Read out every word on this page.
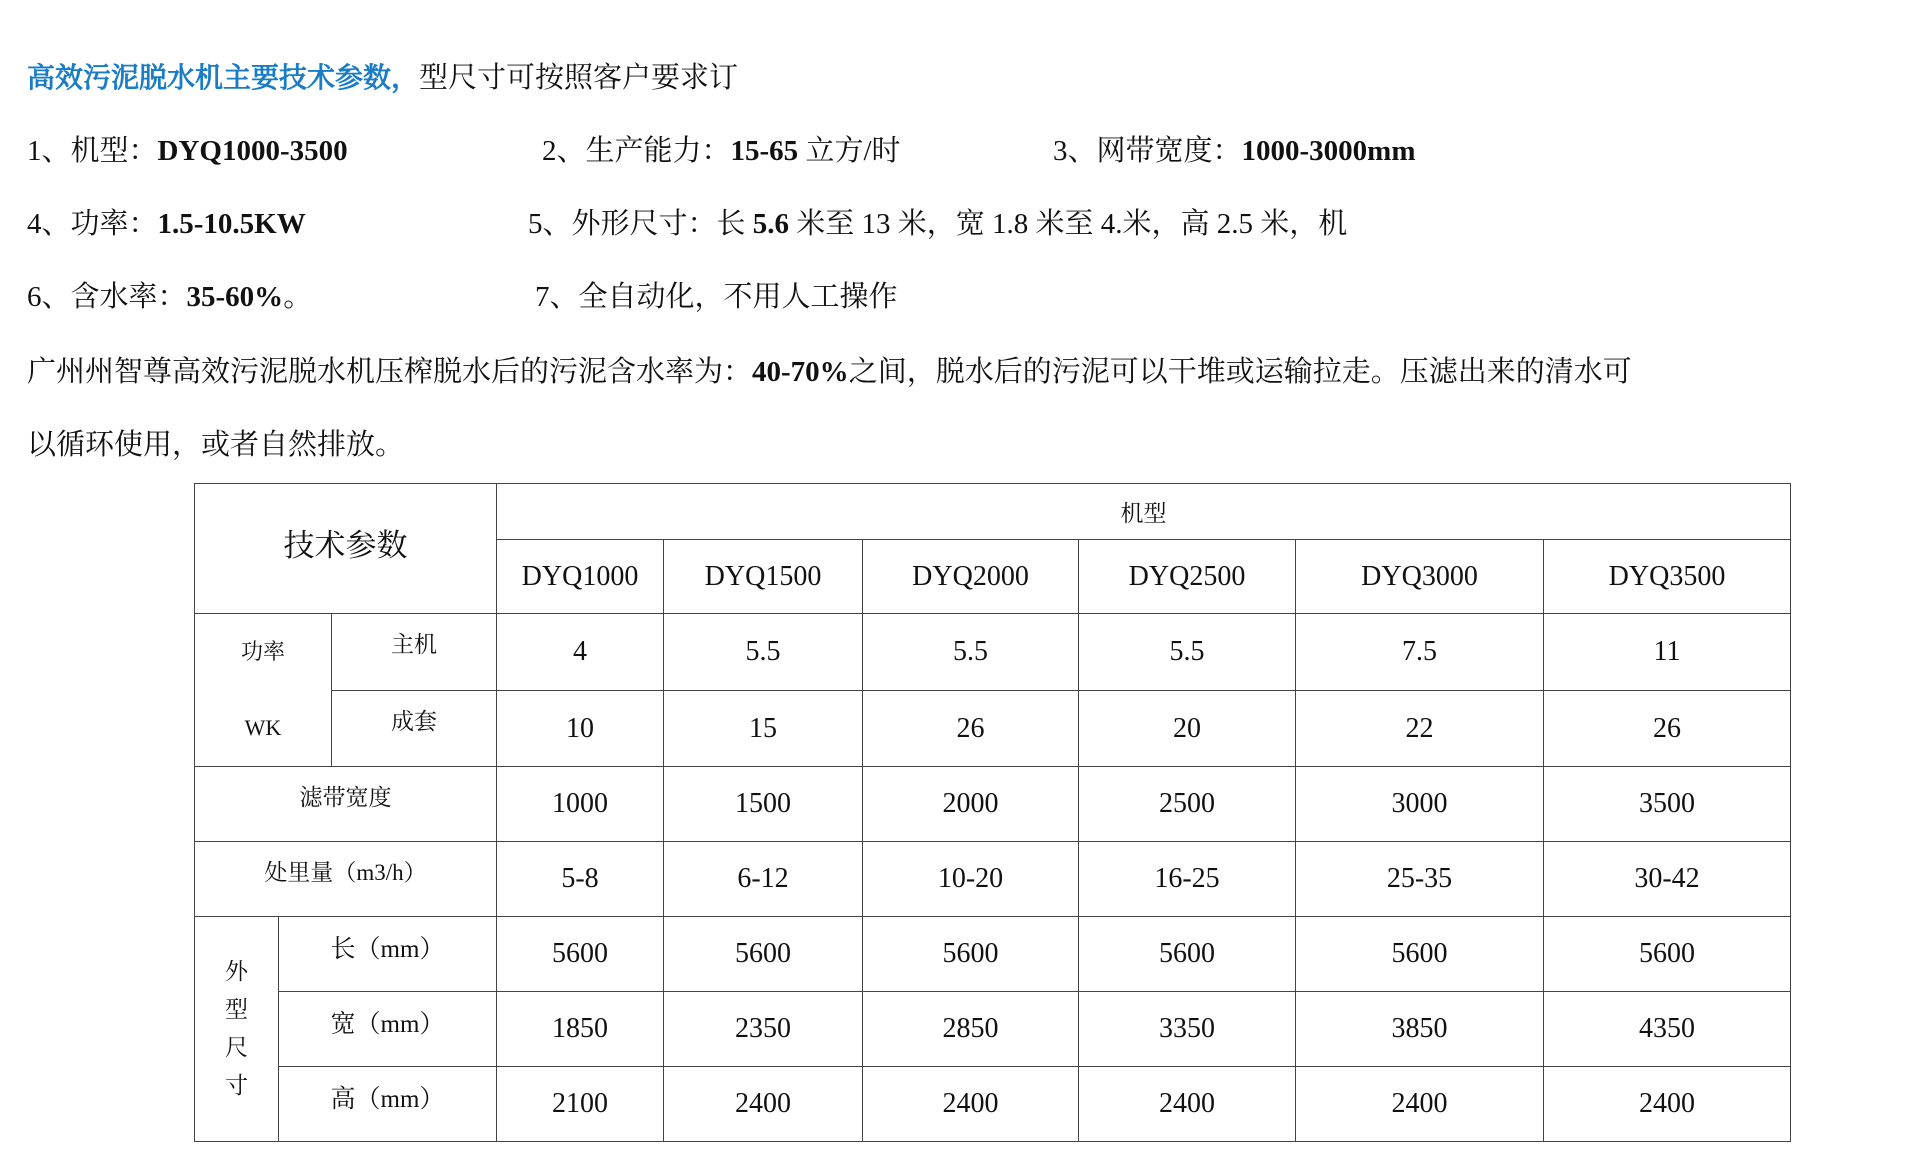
高效污泥脱水机主要技术参数，型尺寸可按照客户要求订
1、机型：DYQ1000-3500	2、生产能力：15-65 立方/时	3、网带宽度：1000-3000mm
4、功率：1.5-10.5KW	5、外形尺寸：长 5.6 米至 13 米，宽 1.8 米至 4.米，高 2.5 米，机
6、含水率：35-60%。	7、全自动化，不用人工操作
广州州智尊高效污泥脱水机压榨脱水后的污泥含水率为：40-70%之间，脱水后的污泥可以干堆或运输拉走。压滤出来的清水可
以循环使用，或者自然排放。
技术参数			机型					
			DYQ1000	DYQ1500	DYQ2000	DYQ2500	DYQ3000	DYQ3500

功率
WK		主机	4	5.5	5.5	5.5	7.5	11
		成套	10	15	26	20	22	26
滤带宽度			1000	1500	2000	2500	3000	3500
处里量（m3/h）			5-8	6-12	10-20	16-25	25-35	30-42

外
型
尺
寸	长（mm）		5600	5600	5600	5600	5600	5600
	宽（mm）		1850	2350	2850	3350	3850	4350
	高（mm）		2100	2400	2400	2400	2400	2400
